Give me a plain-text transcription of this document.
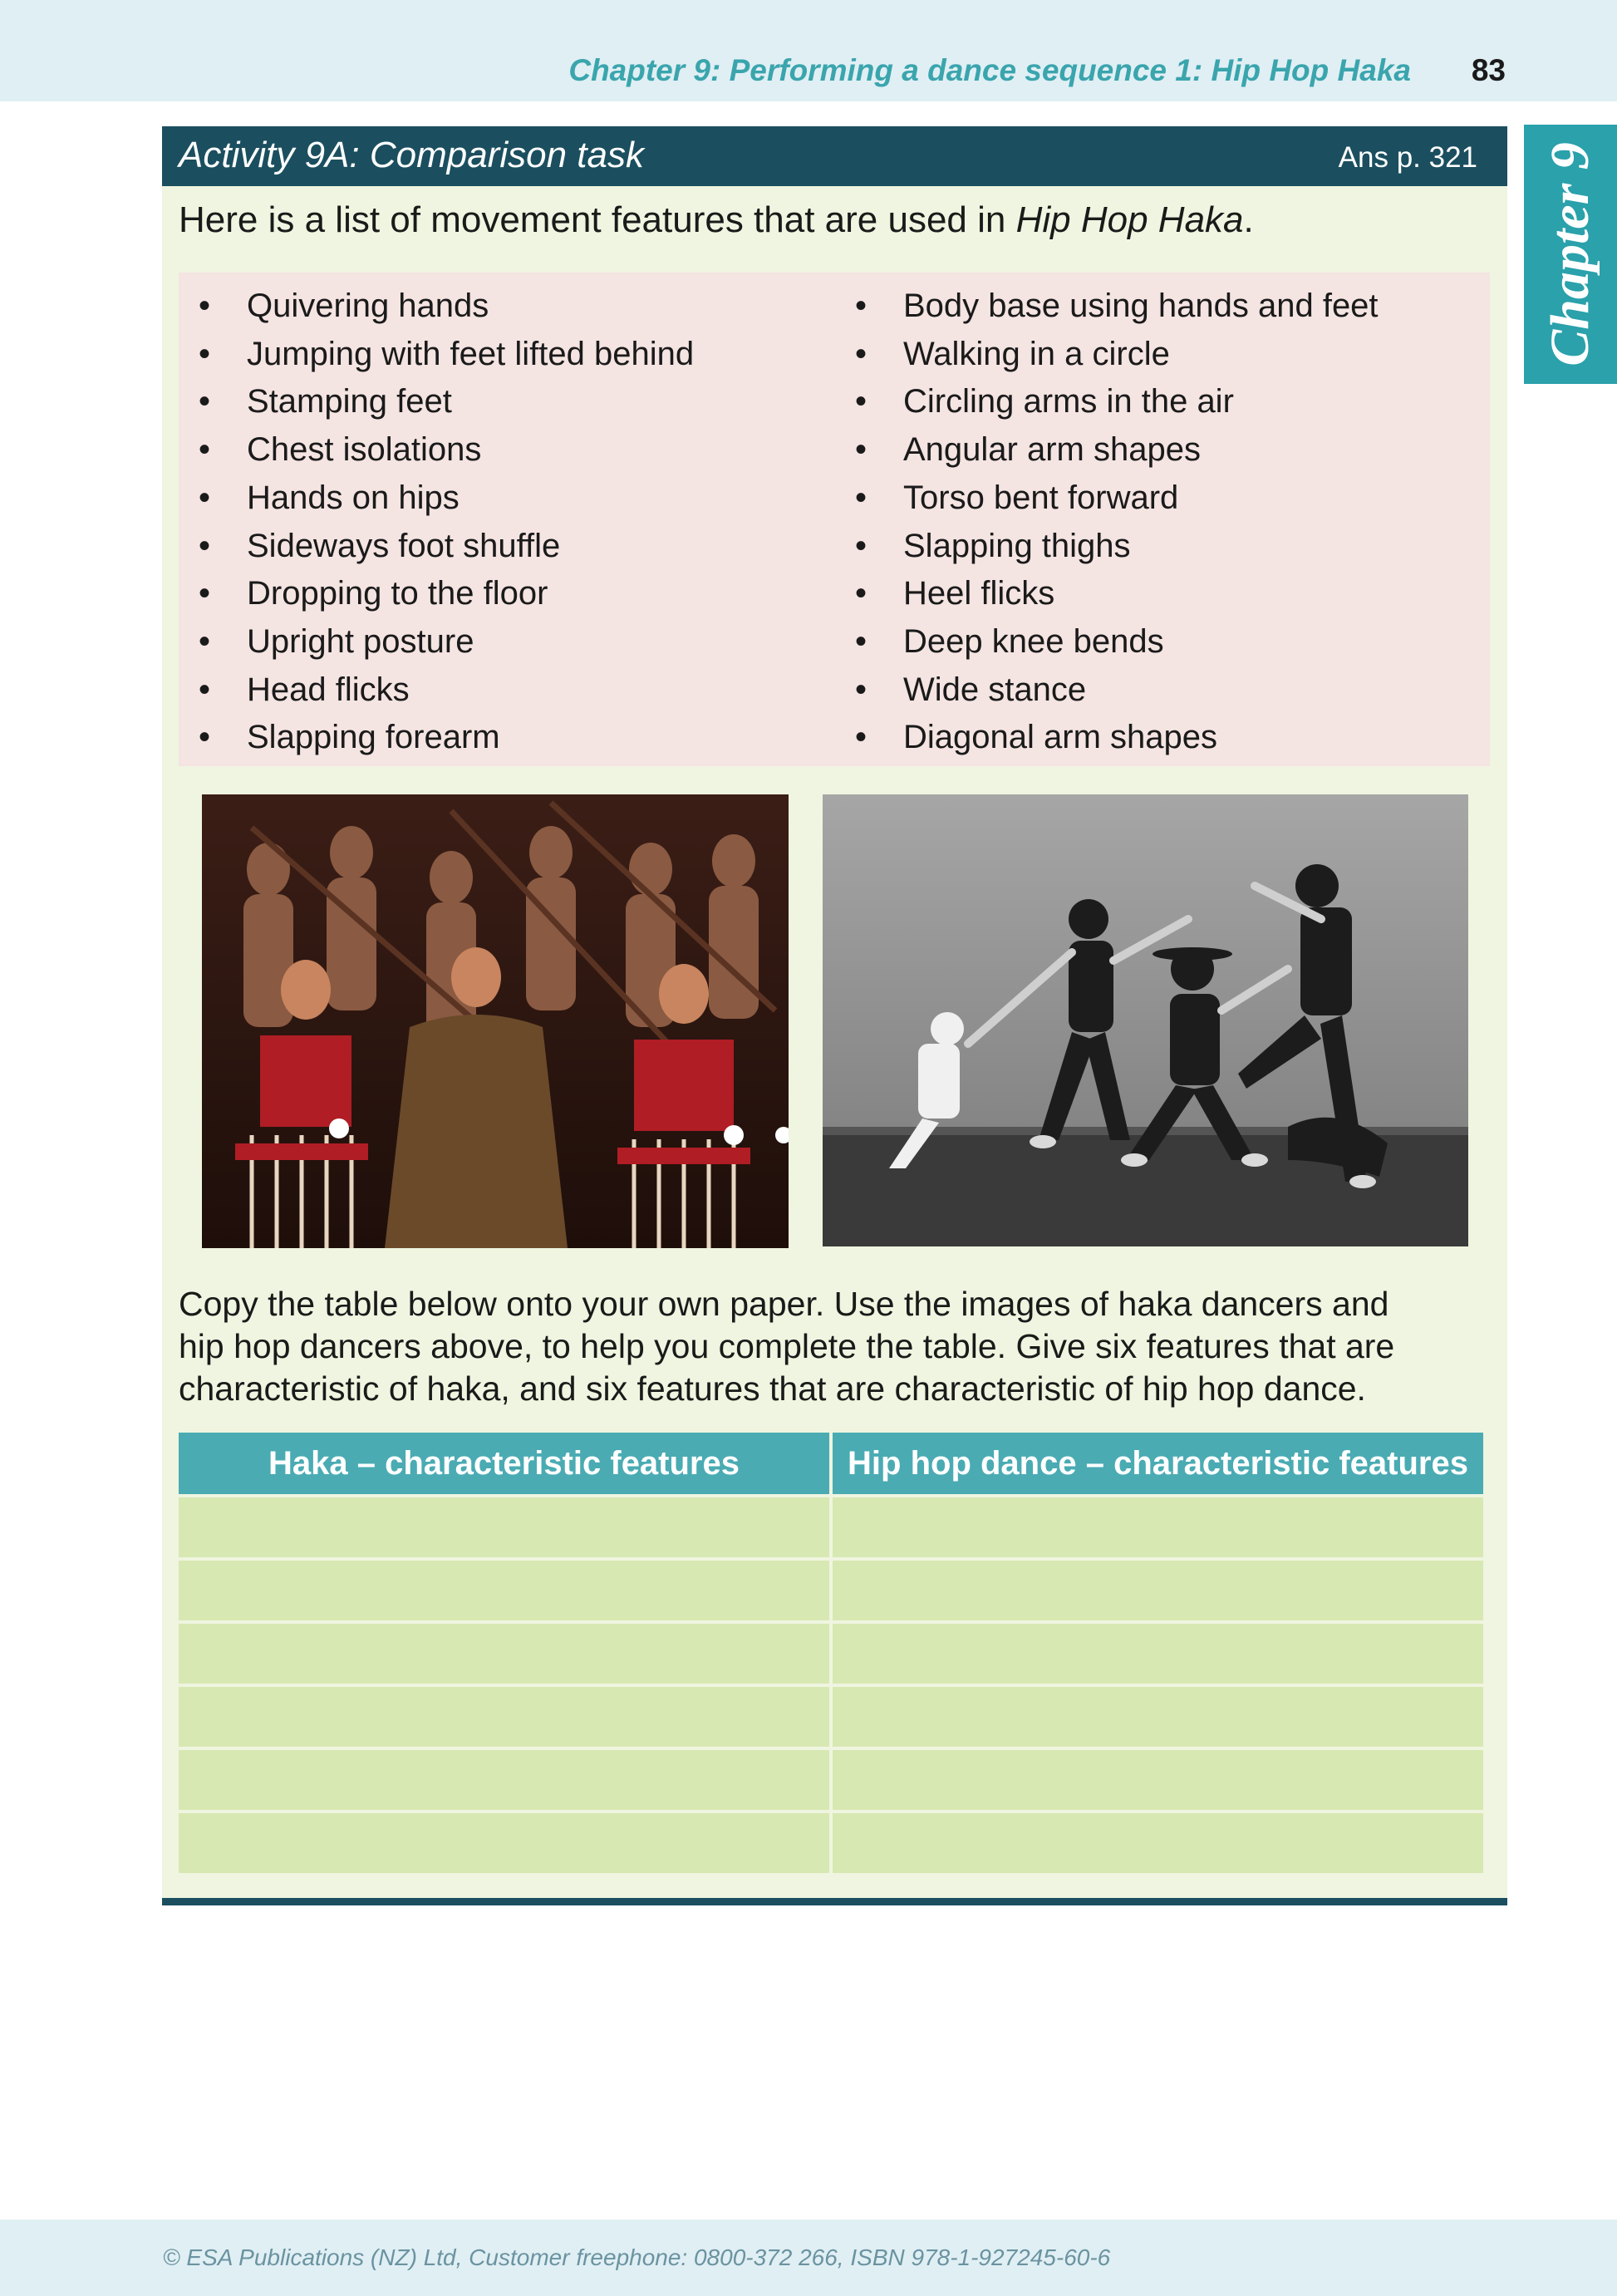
Chapter 9: Performing a dance sequence 1: Hip Hop Haka 83
Chapter 9
Activity 9A: Comparison task	Ans p. 321
Here is a list of movement features that are used in Hip Hop Haka.
• Quivering hands
• Jumping with feet lifted behind
• Stamping feet
• Chest isolations
• Hands on hips
• Sideways foot shuffle
• Dropping to the floor
• Upright posture
• Head flicks
• Slapping forearm
• Body base using hands and feet
• Walking in a circle
• Circling arms in the air
• Angular arm shapes
• Torso bent forward
• Slapping thighs
• Heel flicks
• Deep knee bends
• Wide stance
• Diagonal arm shapes
Copy the table below onto your own paper. Use the images of haka dancers and
hip hop dancers above, to help you complete the table. Give six features that are
characteristic of haka, and six features that are characteristic of hip hop dance.
Haka – characteristic features	Hip hop dance – characteristic features

© ESA Publications (NZ) Ltd, Customer freephone: 0800-372 266, ISBN 978-1-927245-60-6
